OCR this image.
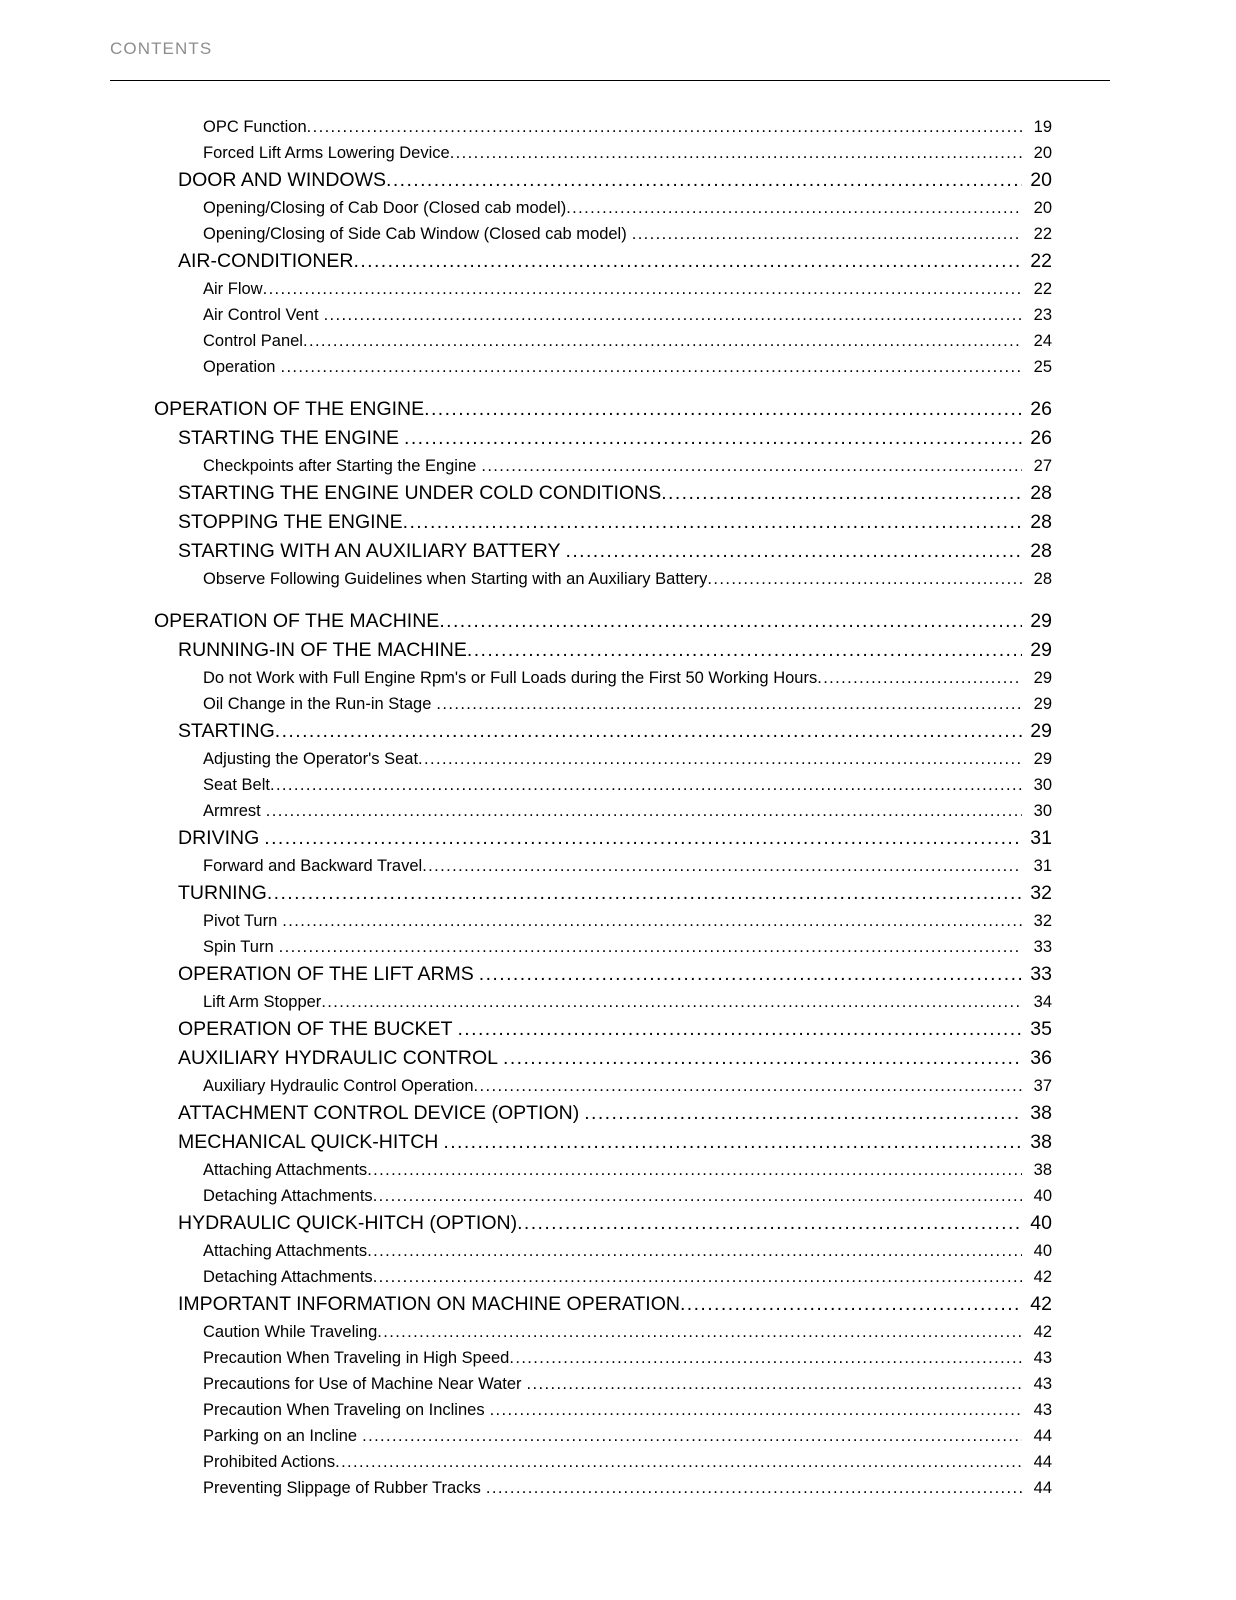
CONTENTS
OPC Function .....	19
Forced Lift Arms Lowering Device .....	20
DOOR AND WINDOWS .....	20
Opening/Closing of Cab Door (Closed cab model) .....	20
Opening/Closing of Side Cab Window (Closed cab model) .....	22
AIR-CONDITIONER .....	22
Air Flow .....	22
Air Control Vent .....	23
Control Panel .....	24
Operation .....	25
OPERATION OF THE ENGINE .....	26
STARTING THE ENGINE .....	26
Checkpoints after Starting the Engine .....	27
STARTING THE ENGINE UNDER COLD CONDITIONS .....	28
STOPPING THE ENGINE .....	28
STARTING WITH AN AUXILIARY BATTERY .....	28
Observe Following Guidelines when Starting with an Auxiliary Battery .....	28
OPERATION OF THE MACHINE .....	29
RUNNING-IN OF THE MACHINE .....	29
Do not Work with Full Engine Rpm's or Full Loads during the First 50 Working Hours .....	29
Oil Change in the Run-in Stage .....	29
STARTING .....	29
Adjusting the Operator's Seat .....	29
Seat Belt .....	30
Armrest .....	30
DRIVING .....	31
Forward and Backward Travel .....	31
TURNING .....	32
Pivot Turn .....	32
Spin Turn .....	33
OPERATION OF THE LIFT ARMS .....	33
Lift Arm Stopper .....	34
OPERATION OF THE BUCKET .....	35
AUXILIARY HYDRAULIC CONTROL .....	36
Auxiliary Hydraulic Control Operation .....	37
ATTACHMENT CONTROL DEVICE (OPTION) .....	38
MECHANICAL QUICK-HITCH .....	38
Attaching Attachments .....	38
Detaching Attachments .....	40
HYDRAULIC QUICK-HITCH (OPTION) .....	40
Attaching Attachments .....	40
Detaching Attachments .....	42
IMPORTANT INFORMATION ON MACHINE OPERATION .....	42
Caution While Traveling .....	42
Precaution When Traveling in High Speed .....	43
Precautions for Use of Machine Near Water .....	43
Precaution When Traveling on Inclines .....	43
Parking on an Incline .....	44
Prohibited Actions .....	44
Preventing Slippage of Rubber Tracks .....	44
